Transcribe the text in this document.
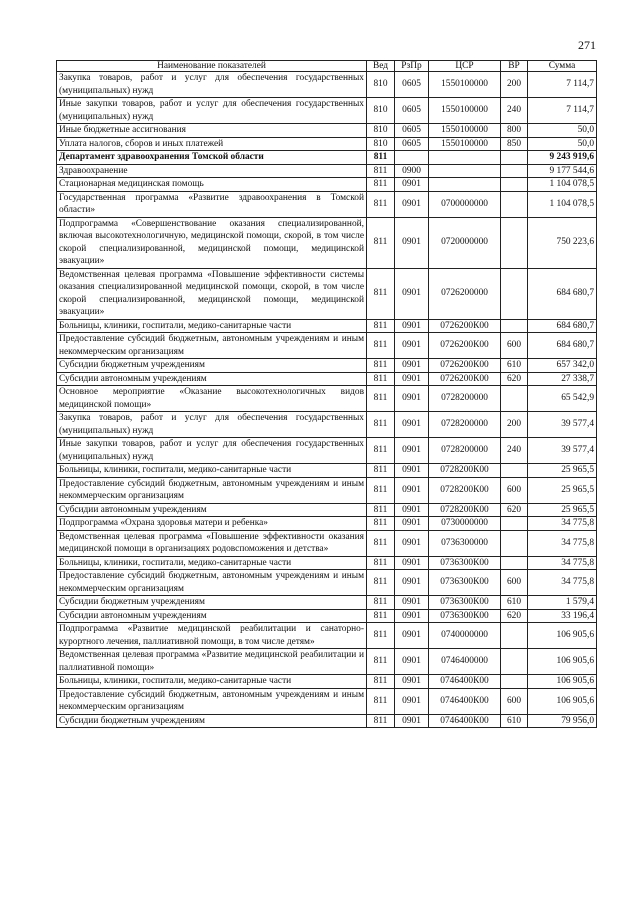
271
Наименование показателей	Вед	РзПр	ЦСР	ВР	Сумма
Закупка товаров, работ и услуг для обеспечения государственных (муниципальных) нужд	810	0605	1550100000	200	7 114,7
Иные закупки товаров, работ и услуг для обеспечения государственных (муниципальных) нужд	810	0605	1550100000	240	7 114,7
Иные бюджетные ассигнования	810	0605	1550100000	800	50,0
Уплата налогов, сборов и иных платежей	810	0605	1550100000	850	50,0
Департамент здравоохранения Томской области	811				9 243 919,6
Здравоохранение	811	0900			9 177 544,6
Стационарная медицинская помощь	811	0901			1 104 078,5
Государственная программа «Развитие здравоохранения в Томской области»	811	0901	0700000000		1 104 078,5
Подпрограмма «Совершенствование оказания специализированной, включая высокотехнологичную, медицинской помощи, скорой, в том числе скорой специализированной, медицинской помощи, медицинской эвакуации»	811	0901	0720000000		750 223,6
Ведомственная целевая программа «Повышение эффективности системы оказания специализированной медицинской помощи, скорой, в том числе скорой специализированной, медицинской помощи, медицинской эвакуации»	811	0901	0726200000		684 680,7
Больницы, клиники, госпитали, медико-санитарные части	811	0901	0726200К00		684 680,7
Предоставление субсидий бюджетным, автономным учреждениям и иным некоммерческим организациям	811	0901	0726200К00	600	684 680,7
Субсидии бюджетным учреждениям	811	0901	0726200К00	610	657 342,0
Субсидии автономным учреждениям	811	0901	0726200К00	620	27 338,7
Основное мероприятие «Оказание высокотехнологичных видов медицинской помощи»	811	0901	0728200000		65 542,9
Закупка товаров, работ и услуг для обеспечения государственных (муниципальных) нужд	811	0901	0728200000	200	39 577,4
Иные закупки товаров, работ и услуг для обеспечения государственных (муниципальных) нужд	811	0901	0728200000	240	39 577,4
Больницы, клиники, госпитали, медико-санитарные части	811	0901	0728200К00		25 965,5
Предоставление субсидий бюджетным, автономным учреждениям и иным некоммерческим организациям	811	0901	0728200К00	600	25 965,5
Субсидии автономным учреждениям	811	0901	0728200К00	620	25 965,5
Подпрограмма «Охрана здоровья матери и ребенка»	811	0901	0730000000		34 775,8
Ведомственная целевая программа «Повышение эффективности оказания медицинской помощи в организациях родовспоможения и детства»	811	0901	0736300000		34 775,8
Больницы, клиники, госпитали, медико-санитарные части	811	0901	0736300К00		34 775,8
Предоставление субсидий бюджетным, автономным учреждениям и иным некоммерческим организациям	811	0901	0736300К00	600	34 775,8
Субсидии бюджетным учреждениям	811	0901	0736300К00	610	1 579,4
Субсидии автономным учреждениям	811	0901	0736300К00	620	33 196,4
Подпрограмма «Развитие медицинской реабилитации и санаторно-курортного лечения, паллиативной помощи, в том числе детям»	811	0901	0740000000		106 905,6
Ведомственная целевая программа «Развитие медицинской реабилитации и паллиативной помощи»	811	0901	0746400000		106 905,6
Больницы, клиники, госпитали, медико-санитарные части	811	0901	0746400К00		106 905,6
Предоставление субсидий бюджетным, автономным учреждениям и иным некоммерческим организациям	811	0901	0746400К00	600	106 905,6
Субсидии бюджетным учреждениям	811	0901	0746400К00	610	79 956,0
